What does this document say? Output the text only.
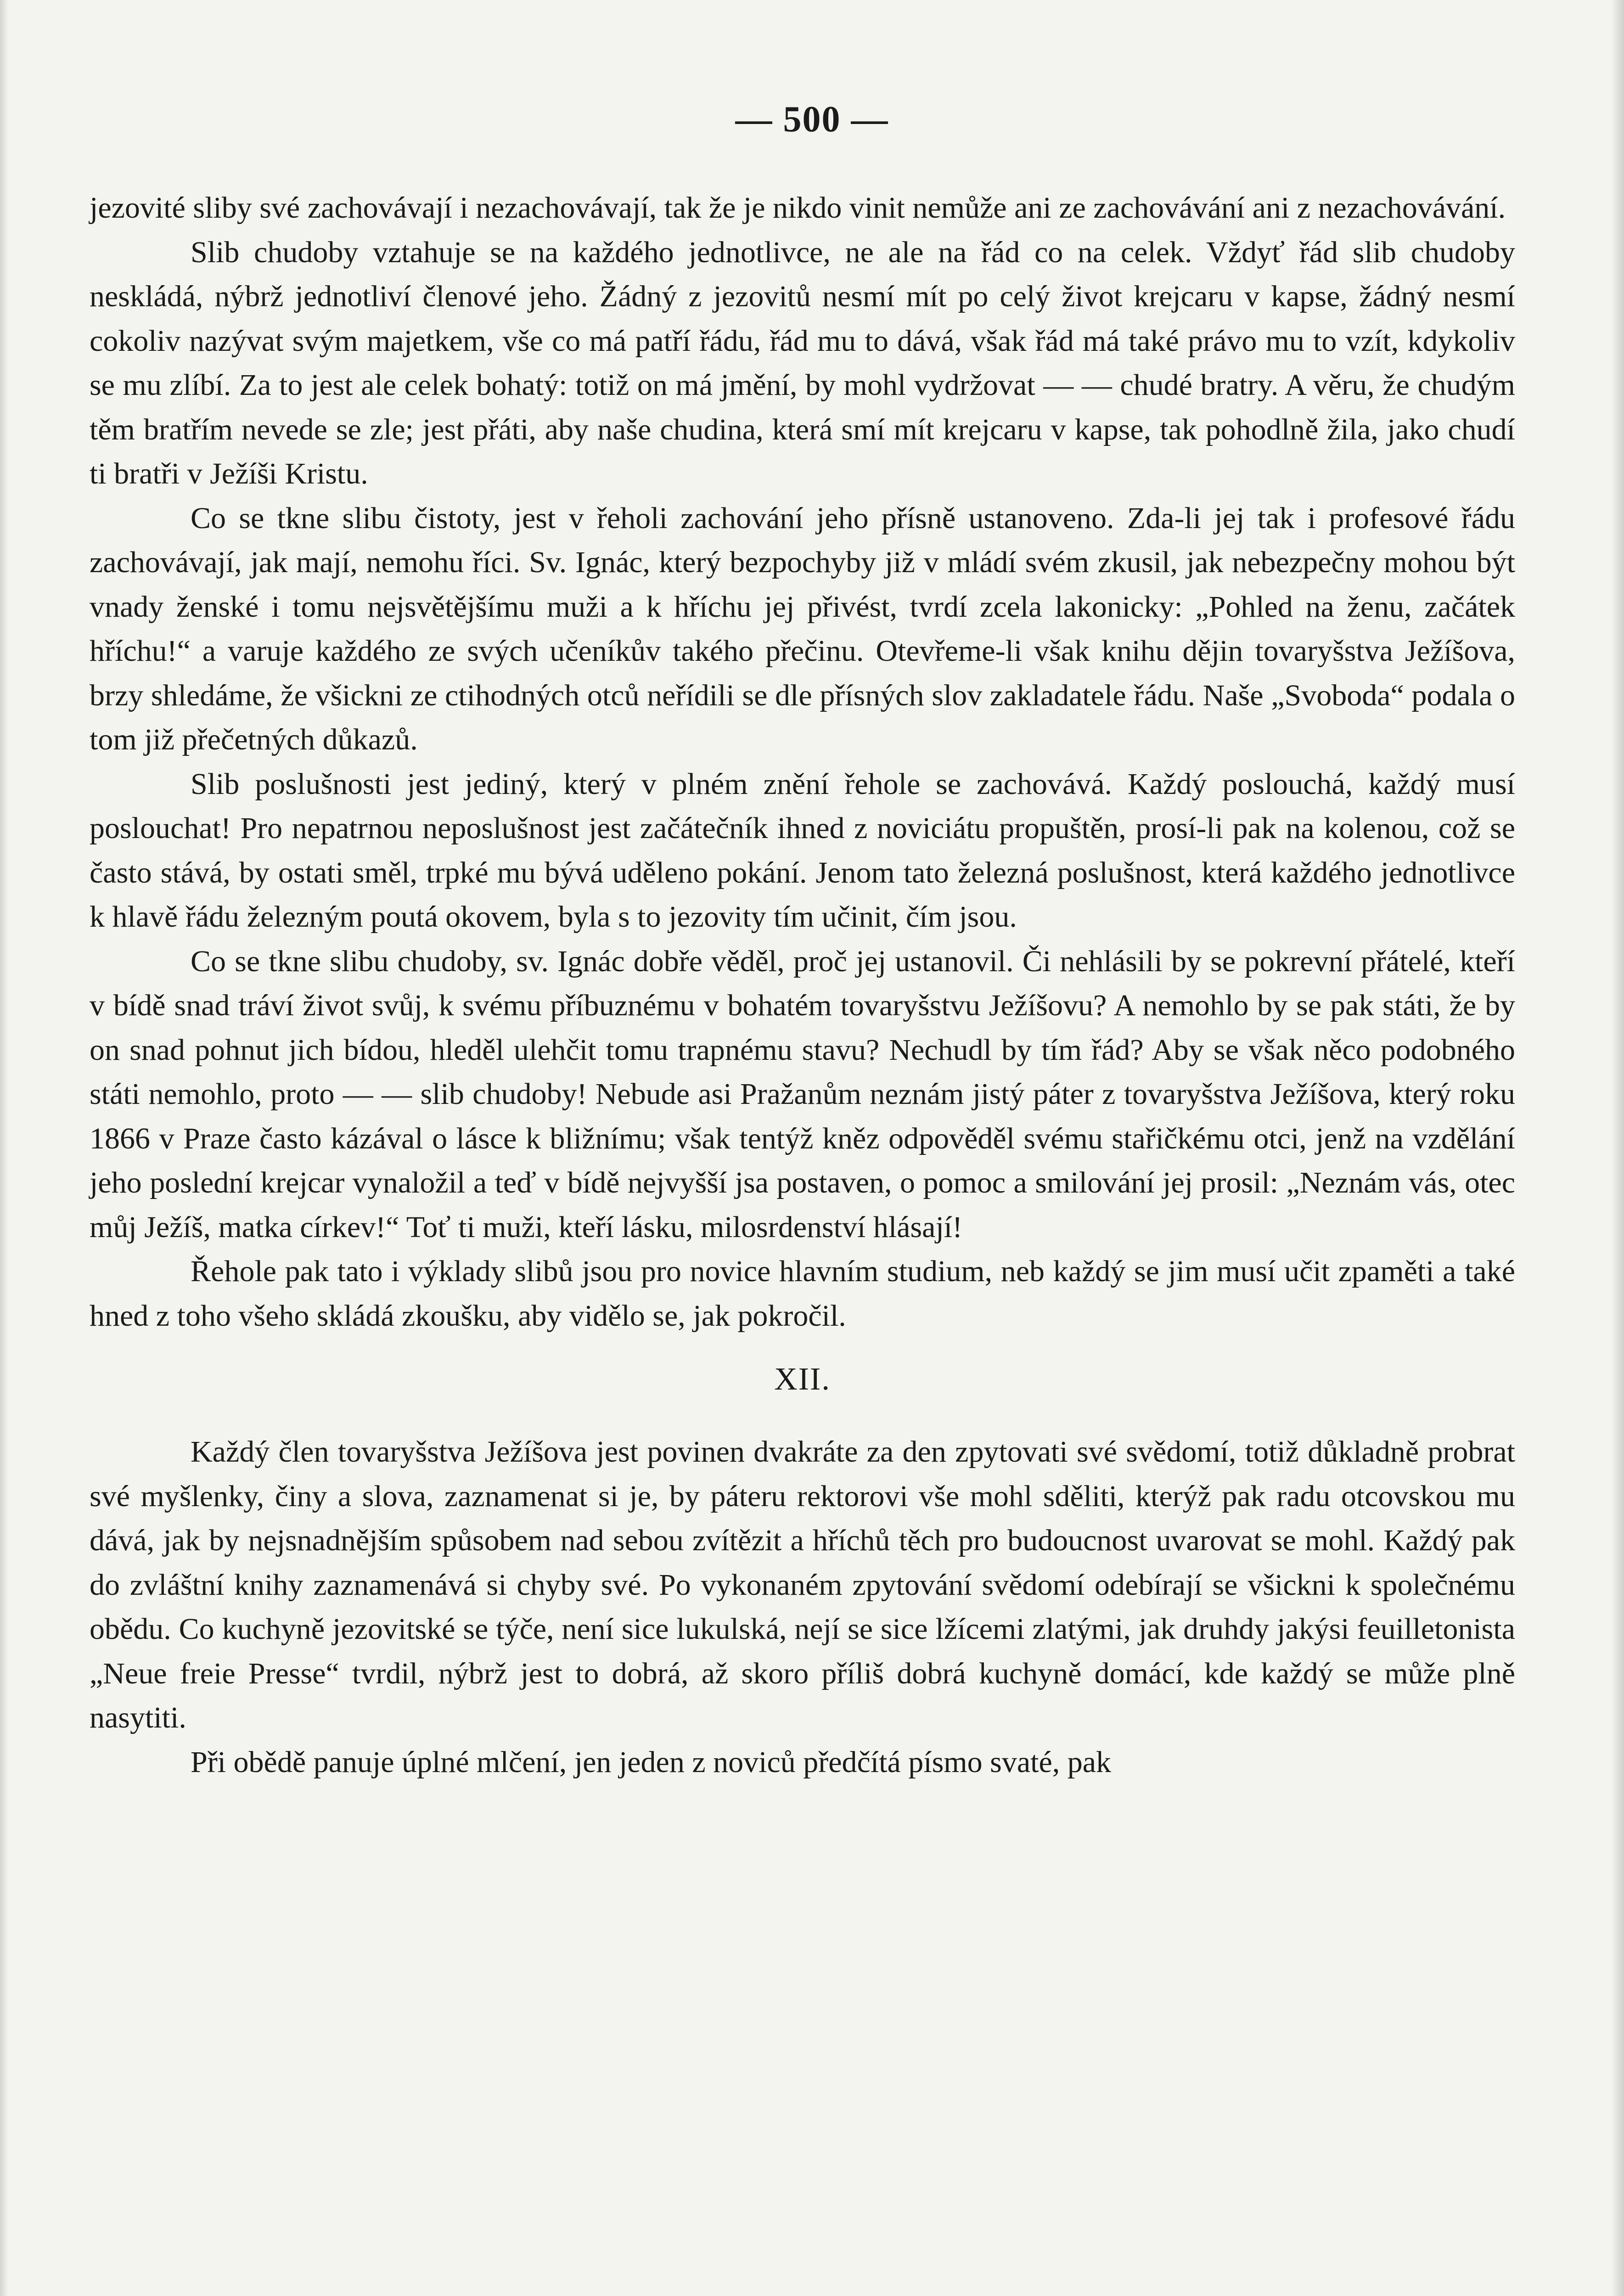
— 500 —

jezovité sliby své zachovávají i nezachovávají, tak že je nikdo vinit nemůže ani ze zachovávání ani z nezachovávání.

Slib chudoby vztahuje se na každého jednotlivce, ne ale na řád co na celek. Vždyť řád slib chudoby neskládá, nýbrž jednotliví členové jeho. Žádný z jezovitů nesmí mít po celý život krejcaru v kapse, žádný nesmí cokoliv nazývat svým majetkem, vše co má patří řádu, řád mu to dává, však řád má také právo mu to vzít, kdykoliv se mu zlíbí. Za to jest ale celek bohatý: totiž on má jmění, by mohl vydržovat — — chudé bratry. A věru, že chudým těm bratřím nevede se zle; jest přáti, aby naše chudina, která smí mít krejcaru v kapse, tak pohodlně žila, jako chudí ti bratři v Ježíši Kristu.

Co se tkne slibu čistoty, jest v řeholi zachování jeho přísně ustanoveno. Zda-li jej tak i profesové řádu zachovávají, jak mají, nemohu říci. Sv. Ignác, který bezpochyby již v mládí svém zkusil, jak nebezpečny mohou být vnady ženské i tomu nejsvětějšímu muži a k hříchu jej přivést, tvrdí zcela lakonicky: „Pohled na ženu, začátek hříchu!“ a varuje každého ze svých učeníkův takého přečinu. Otevřeme-li však knihu dějin tovaryšstva Ježíšova, brzy shledáme, že všickni ze ctihodných otců neřídili se dle přísných slov zakladatele řádu. Naše „Svoboda“ podala o tom již přečetných důkazů.

Slib poslušnosti jest jediný, který v plném znění řehole se zachovává. Každý poslouchá, každý musí poslouchat! Pro nepatrnou neposlušnost jest začátečník ihned z noviciátu propuštěn, prosí-li pak na kolenou, což se často stává, by ostati směl, trpké mu bývá uděleno pokání. Jenom tato železná poslušnost, která každého jednotlivce k hlavě řádu železným poutá okovem, byla s to jezovity tím učinit, čím jsou.

Co se tkne slibu chudoby, sv. Ignác dobře věděl, proč jej ustanovil. Či nehlásili by se pokrevní přátelé, kteří v bídě snad tráví život svůj, k svému příbuznému v bohatém tovaryšstvu Ježíšovu? A nemohlo by se pak státi, že by on snad pohnut jich bídou, hleděl ulehčit tomu trapnému stavu? Nechudl by tím řád? Aby se však něco podobného státi nemohlo, proto — — slib chudoby! Nebude asi Pražanům neznám jistý páter z tovaryšstva Ježíšova, který roku 1866 v Praze často kázával o lásce k bližnímu; však tentýž kněz odpověděl svému stařičkému otci, jenž na vzdělání jeho poslední krejcar vynaložil a teď v bídě nejvyšší jsa postaven, o pomoc a smilování jej prosil: „Neznám vás, otec můj Ježíš, matka církev!“ Toť ti muži, kteří lásku, milosrdenství hlásají!

Řehole pak tato i výklady slibů jsou pro novice hlavním studium, neb každý se jim musí učit zpaměti a také hned z toho všeho skládá zkoušku, aby vidělo se, jak pokročil.

XII.

Každý člen tovaryšstva Ježíšova jest povinen dvakráte za den zpytovati své svědomí, totiž důkladně probrat své myšlenky, činy a slova, zaznamenat si je, by páteru rektorovi vše mohl sděliti, kterýž pak radu otcovskou mu dává, jak by nejsnadnějším spůsobem nad sebou zvítězit a hříchů těch pro budoucnost uvarovat se mohl. Každý pak do zvláštní knihy zaznamenává si chyby své. Po vykonaném zpytování svědomí odebírají se všickni k společnému obědu. Co kuchyně jezovitské se týče, není sice lukulská, nejí se sice lžícemi zlatými, jak druhdy jakýsi feuilletonista „Neue freie Presse“ tvrdil, nýbrž jest to dobrá, až skoro příliš dobrá kuchyně domácí, kde každý se může plně nasytiti.

Při obědě panuje úplné mlčení, jen jeden z noviců předčítá písmo svaté, pak
